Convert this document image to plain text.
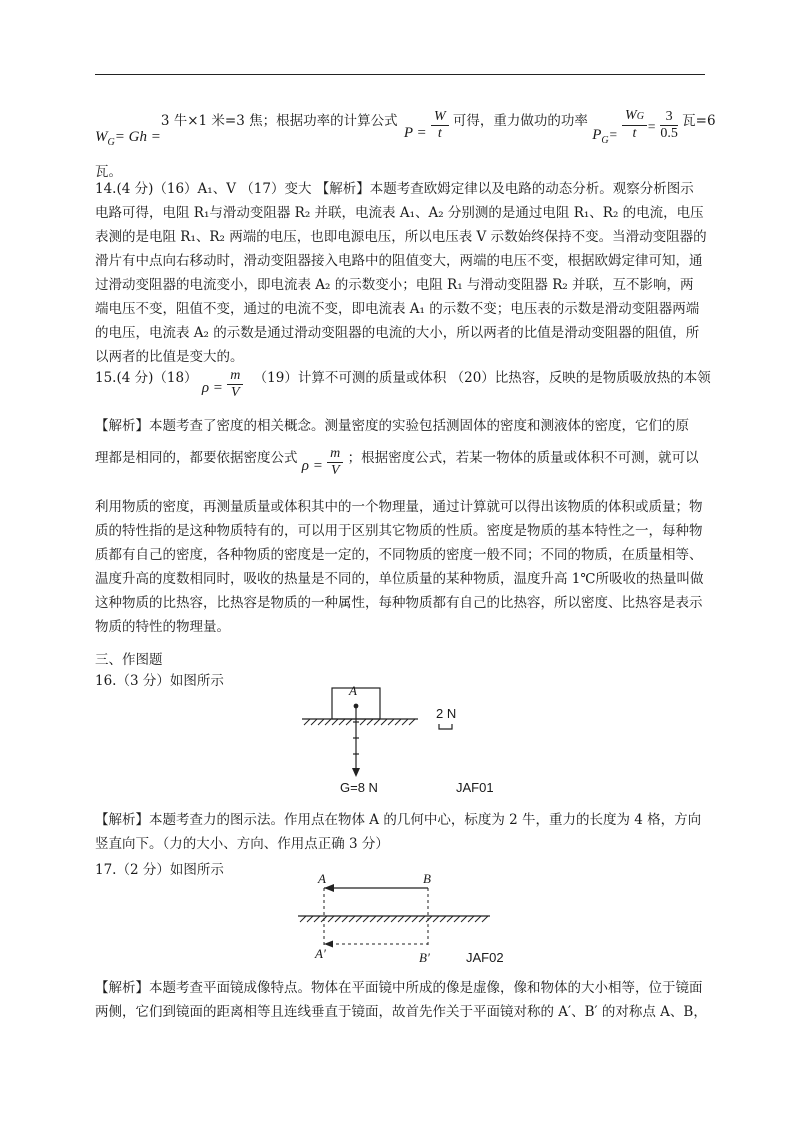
$W_G= Gh =3$ 牛×1 米=3 焦；根据功率的计算公式 $P = \frac{W}{t}$ 可得，重力做功的功率 $P_G= \frac{WG}{t} = \frac{3}{0.5}$ 瓦=6
瓦。
14.(4 分)（16）A₁、V （17）变大 【解析】本题考查欧姆定律以及电路的动态分析。观察分析图示电路可得，电阻 R₁与滑动变阻器 R₂ 并联，电流表 A₁、A₂ 分别测的是通过电阻 R₁、R₂ 的电流，电压表测的是电阻 R₁、R₂ 两端的电压，也即电源电压，所以电压表 V 示数始终保持不变。当滑动变阻器的滑片有中点向右移动时，滑动变阻器接入电路中的阻值变大，两端的电压不变，根据欧姆定律可知，通过滑动变阻器的电流变小，即电流表 A₂ 的示数变小；电阻 R₁ 与滑动变阻器 R₂ 并联，互不影响，两端电压不变，阻值不变，通过的电流不变，即电流表 A₁ 的示数不变；电压表的示数是滑动变阻器两端的电压，电流表 A₂ 的示数是通过滑动变阻器的电流的大小，所以两者的比值是滑动变阻器的阻值，所以两者的比值是变大的。
15.(4 分)（18） $\rho = \frac{m}{V} (19)$计算不可测的质量或体积 （20）比热容，反映的是物质吸放热的本领
【解析】本题考查了密度的相关概念。测量密度的实验包括测固体的密度和测液体的密度，它们的原
理都是相同的，都要依据密度公式 $\rho = \frac{m}{V}$ ；根据密度公式，若某一物体的质量或体积不可测，就可以
利用物质的密度，再测量质量或体积其中的一个物理量，通过计算就可以得出该物质的体积或质量；物质的特性指的是这种物质特有的，可以用于区别其它物质的性质。密度是物质的基本特性之一，每种物质都有自己的密度，各种物质的密度是一定的，不同物质的密度一般不同；不同的物质，在质量相等、温度升高的度数相同时，吸收的热量是不同的，单位质量的某种物质，温度升高 1℃所吸收的热量叫做这种物质的比热容，比热容是物质的一种属性，每种物质都有自己的比热容，所以密度、比热容是表示物质的特性的物理量。
三、作图题
16.（3 分）如图所示
A
2 N
G=8 N	JAF01
【解析】本题考查力的图示法。作用点在物体 A 的几何中心，标度为 2 牛，重力的长度为 4 格，方向竖直向下。（力的大小、方向、作用点正确 3 分）
17.（2 分）如图所示
A	B
A′	B′	JAF02
【解析】本题考查平面镜成像特点。物体在平面镜中所成的像是虚像，像和物体的大小相等，位于镜面两侧，它们到镜面的距离相等且连线垂直于镜面，故首先作关于平面镜对称的 A′、B′ 的对称点 A、B，
